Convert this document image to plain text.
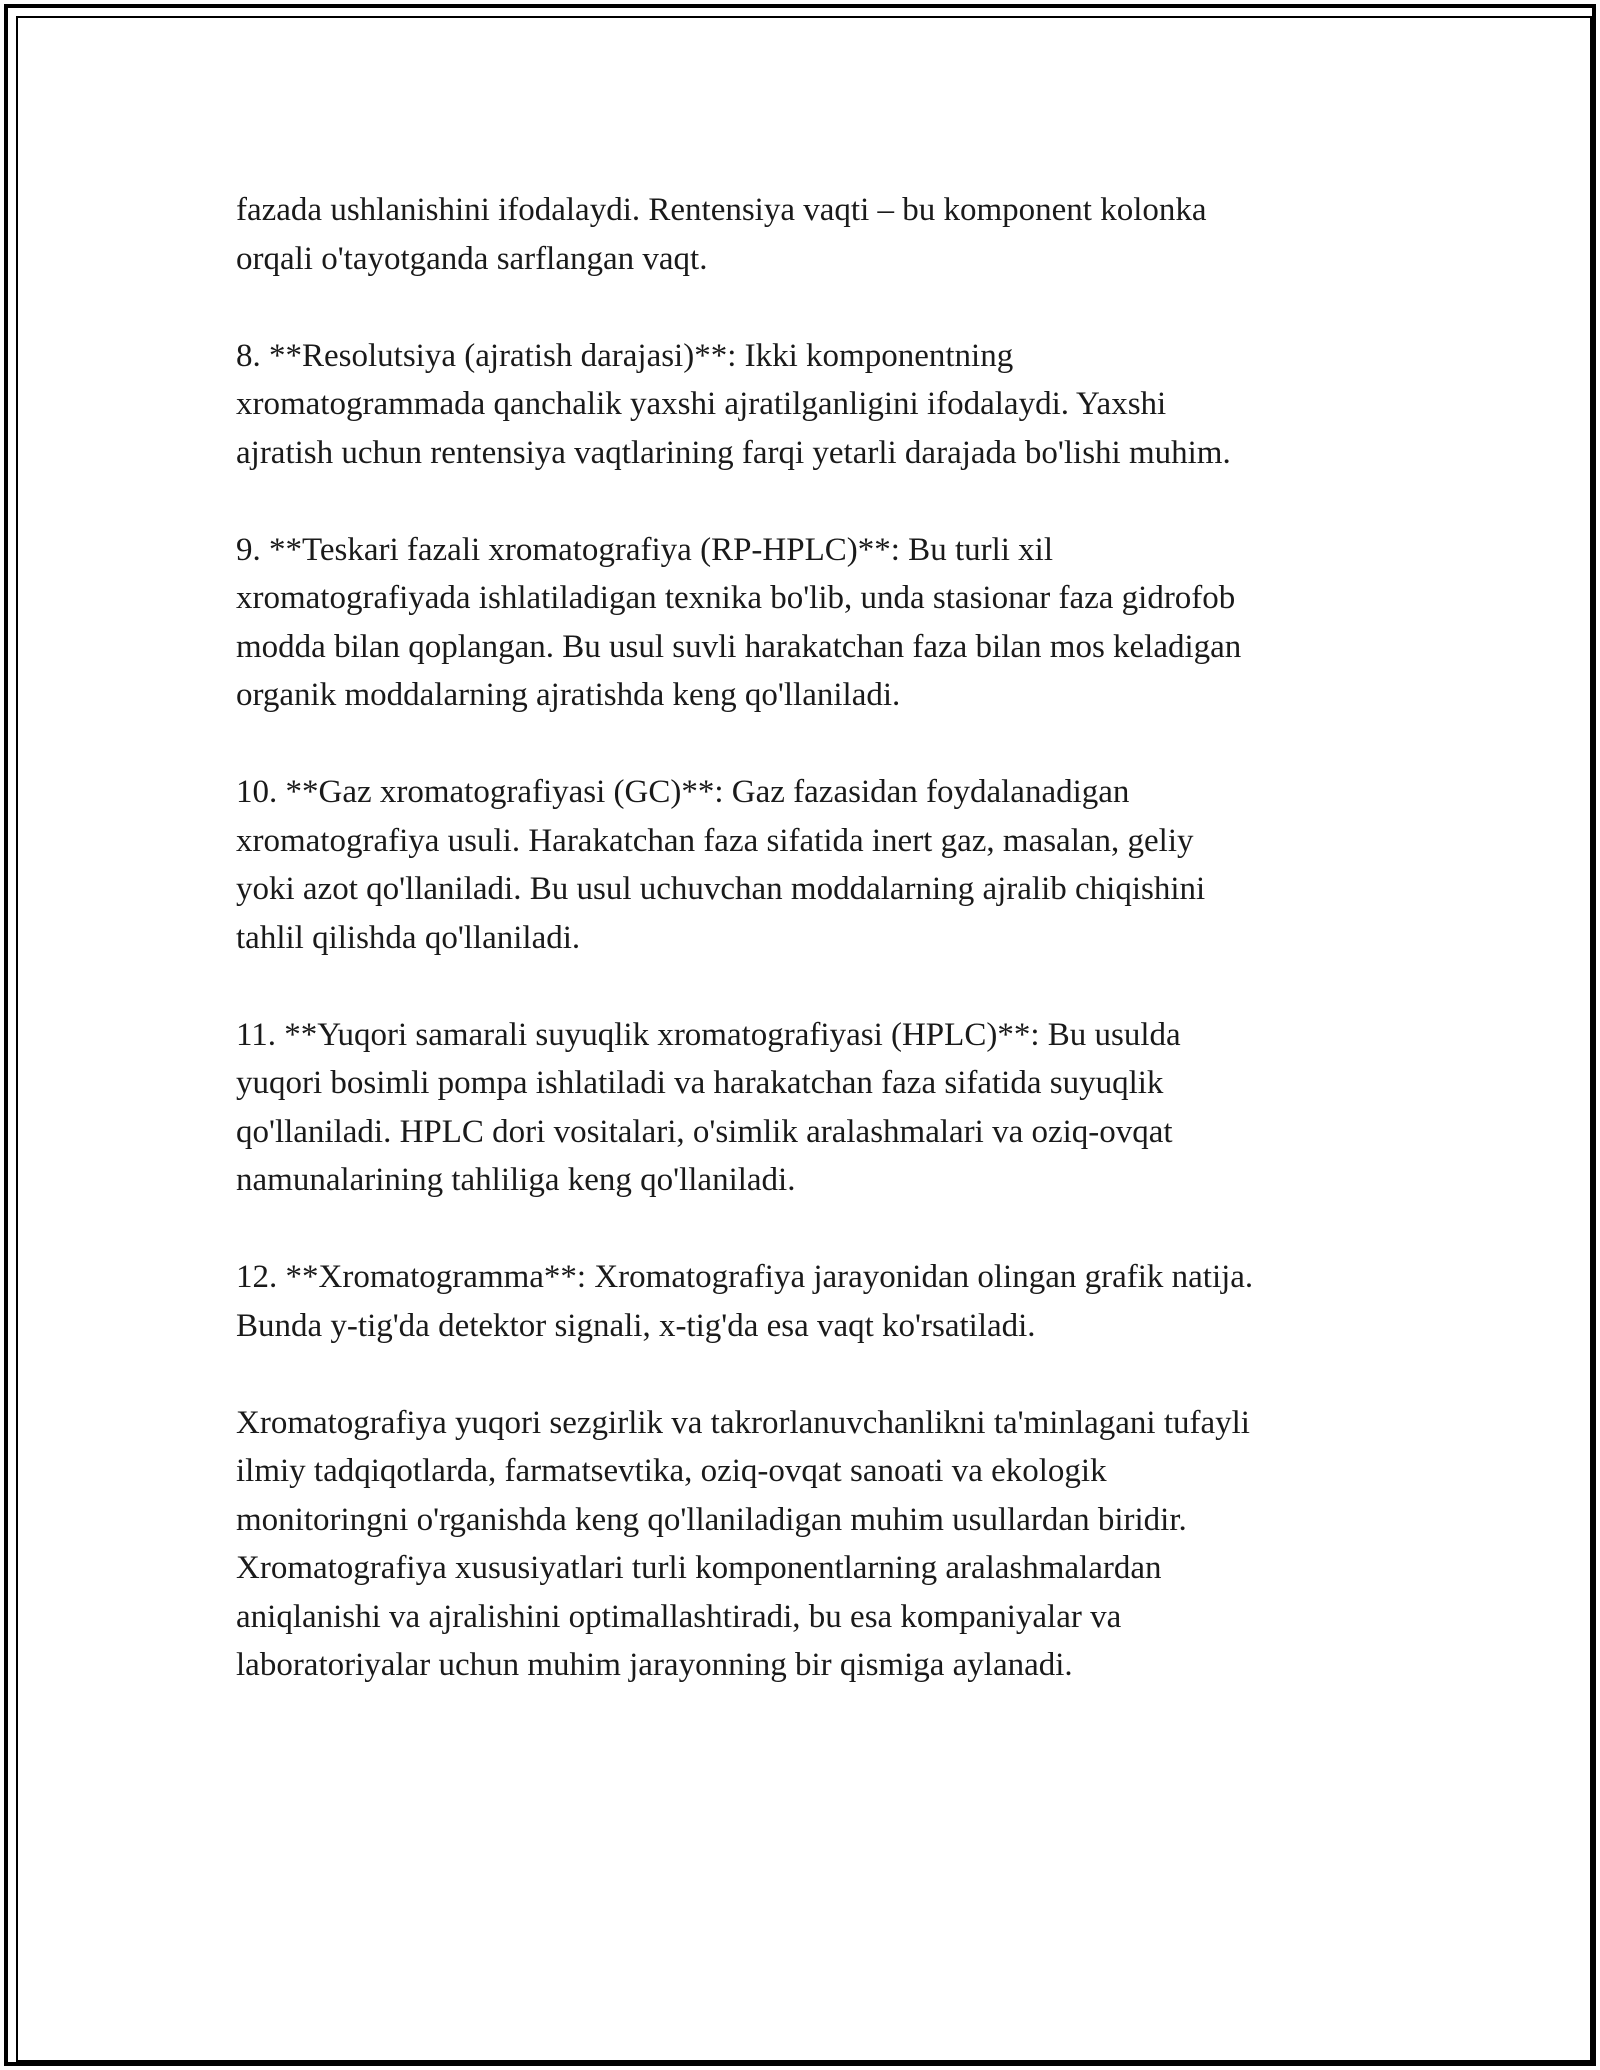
fazada ushlanishini ifodalaydi. Rentensiya vaqti – bu komponent kolonka
orqali o'tayotganda sarflangan vaqt.

8. **Resolutsiya (ajratish darajasi)**: Ikki komponentning
xromatogrammada qanchalik yaxshi ajratilganligini ifodalaydi. Yaxshi
ajratish uchun rentensiya vaqtlarining farqi yetarli darajada bo'lishi muhim.

9. **Teskari fazali xromatografiya (RP-HPLC)**: Bu turli xil
xromatografiyada ishlatiladigan texnika bo'lib, unda stasionar faza gidrofob
modda bilan qoplangan. Bu usul suvli harakatchan faza bilan mos keladigan
organik moddalarning ajratishda keng qo'llaniladi.

10. **Gaz xromatografiyasi (GC)**: Gaz fazasidan foydalanadigan
xromatografiya usuli. Harakatchan faza sifatida inert gaz, masalan, geliy
yoki azot qo'llaniladi. Bu usul uchuvchan moddalarning ajralib chiqishini
tahlil qilishda qo'llaniladi.

11. **Yuqori samarali suyuqlik xromatografiyasi (HPLC)**: Bu usulda
yuqori bosimli pompa ishlatiladi va harakatchan faza sifatida suyuqlik
qo'llaniladi. HPLC dori vositalari, o'simlik aralashmalari va oziq-ovqat
namunalarining tahliliga keng qo'llaniladi.

12. **Xromatogramma**: Xromatografiya jarayonidan olingan grafik natija.
Bunda y-tig'da detektor signali, x-tig'da esa vaqt ko'rsatiladi.

Xromatografiya yuqori sezgirlik va takrorlanuvchanlikni ta'minlagani tufayli
ilmiy tadqiqotlarda, farmatsevtika, oziq-ovqat sanoati va ekologik
monitoringni o'rganishda keng qo'llaniladigan muhim usullardan biridir.
Xromatografiya xususiyatlari turli komponentlarning aralashmalardan
aniqlanishi va ajralishini optimallashtiradi, bu esa kompaniyalar va
laboratoriyalar uchun muhim jarayonning bir qismiga aylanadi.
